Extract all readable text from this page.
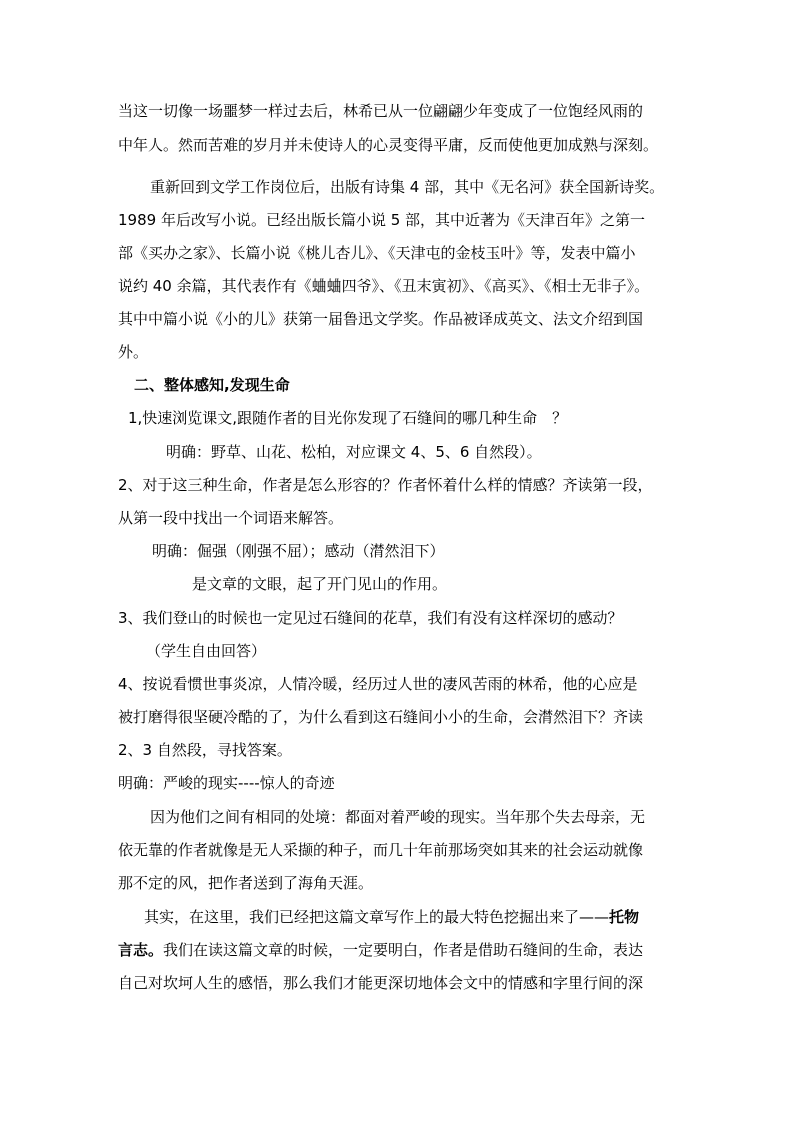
当这一切像一场噩梦一样过去后，林希已从一位翩翩少年变成了一位饱经风雨的
中年人。然而苦难的岁月并未使诗人的心灵变得平庸，反而使他更加成熟与深刻。
重新回到文学工作岗位后，出版有诗集 4 部，其中《无名河》获全国新诗奖。
1989 年后改写小说。已经出版长篇小说 5 部，其中近著为《天津百年》之第一
部《买办之家》、长篇小说《桃儿杏儿》、《天津屯的金枝玉叶》等，发表中篇小
说约 40 余篇，其代表作有《蛐蛐四爷》、《丑末寅初》、《高买》、《相士无非子》。
其中中篇小说《小的儿》获第一届鲁迅文学奖。作品被译成英文、法文介绍到国
外。
二、整体感知,发现生命
1,快速浏览课文,跟随作者的目光你发现了石缝间的哪几种生命　？
明确：野草、山花、松柏，对应课文 4、5、6 自然段）。
2、对于这三种生命，作者是怎么形容的？作者怀着什么样的情感？齐读第一段，
从第一段中找出一个词语来解答。
明确：倔强（刚强不屈）；感动（潸然泪下）
是文章的文眼，起了开门见山的作用。
3、我们登山的时候也一定见过石缝间的花草，我们有没有这样深切的感动？
（学生自由回答）
4、按说看惯世事炎凉，人情冷暖，经历过人世的凄风苦雨的林希，他的心应是
被打磨得很坚硬冷酷的了，为什么看到这石缝间小小的生命，会潸然泪下？齐读
2、3 自然段，寻找答案。
明确：严峻的现实----惊人的奇迹
因为他们之间有相同的处境：都面对着严峻的现实。当年那个失去母亲，无
依无靠的作者就像是无人采撷的种子，而几十年前那场突如其来的社会运动就像
那不定的风，把作者送到了海角天涯。
其实，在这里，我们已经把这篇文章写作上的最大特色挖掘出来了——托物
言志。我们在读这篇文章的时候，一定要明白，作者是借助石缝间的生命，表达
自己对坎坷人生的感悟，那么我们才能更深切地体会文中的情感和字里行间的深
